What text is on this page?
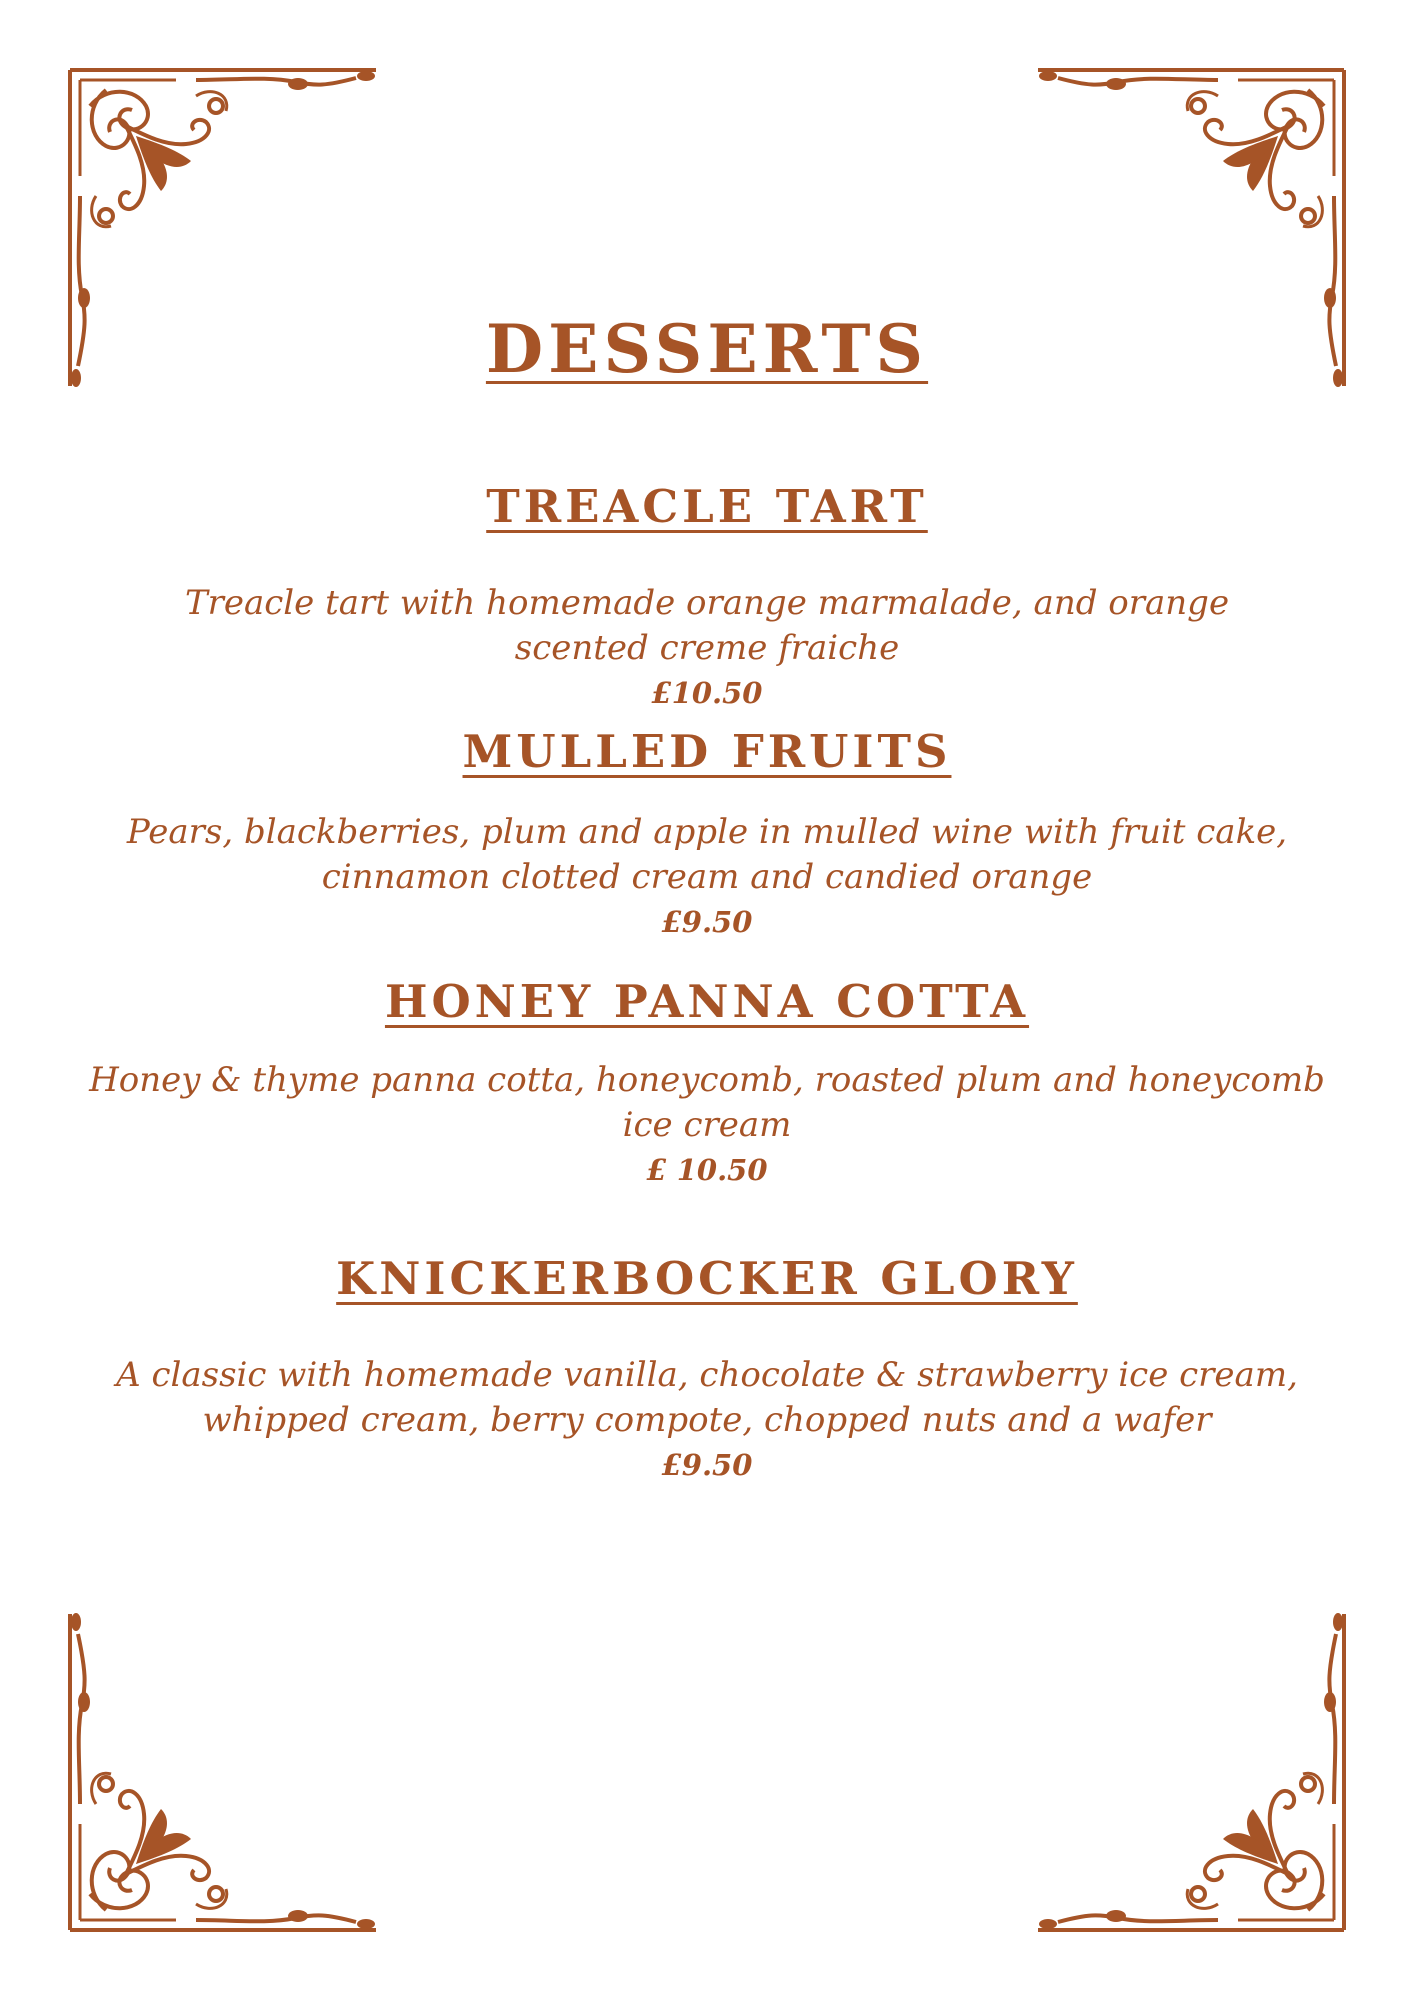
DESSERTS
TREACLE TART

Treacle tart with homemade orange marmalade, and orange scented creme fraiche

£10.50

MULLED FRUITS

Pears, blackberries, plum and apple in mulled wine with fruit cake, cinnamon clotted cream and candied orange

£9.50

HONEY PANNA COTTA

Honey & thyme panna cotta, honeycomb, roasted plum and honeycomb ice cream

£ 10.50

KNICKERBOCKER GLORY

A classic with homemade vanilla, chocolate & strawberry ice cream, whipped cream, berry compote, chopped nuts and a wafer

£9.50
